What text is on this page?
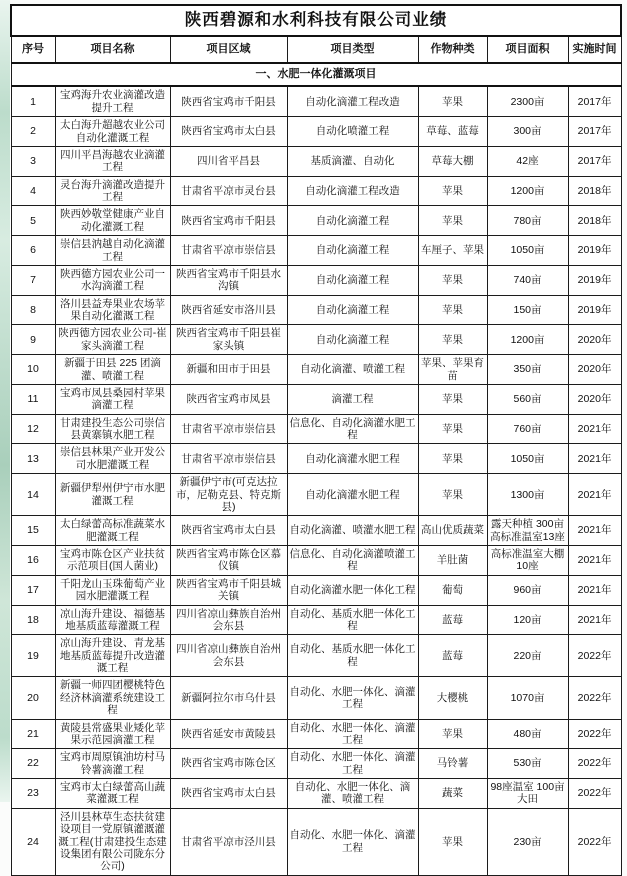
陕西碧源和水利科技有限公司业绩						
序号	项目名称	项目区域	项目类型	作物种类	项目面积	实施时间
一、水肥一体化灌溉项目						
1	宝鸡海升农业滴灌改造提升工程	陕西省宝鸡市千阳县	自动化滴灌工程改造	苹果	2300亩	2017年
2	太白海升超越农业公司自动化灌溉工程	陕西省宝鸡市太白县	自动化喷灌工程	草莓、蓝莓	300亩	2017年
3	四川平昌海越农业滴灌工程	四川省平昌县	基质滴灌、自动化	草莓大棚	42座	2017年
4	灵台海升滴灌改造提升工程	甘肃省平凉市灵台县	自动化滴灌工程改造	苹果	1200亩	2018年
5	陕西妙敬堂健康产业自动化灌溉工程	陕西省宝鸡市千阳县	自动化滴灌工程	苹果	780亩	2018年
6	崇信县汭越自动化滴灌工程	甘肃省平凉市崇信县	自动化滴灌工程	车厘子、苹果	1050亩	2019年
7	陕西德方园农业公司一水沟滴灌工程	陕西省宝鸡市千阳县水沟镇	自动化滴灌工程	苹果	740亩	2019年
8	洛川县益寿果业农场苹果自动化灌溉工程	陕西省延安市洛川县	自动化滴灌工程	苹果	150亩	2019年
9	陕西德方园农业公司-崔家头滴灌工程	陕西省宝鸡市千阳县崔家头镇	自动化滴灌工程	苹果	1200亩	2020年
10	新疆于田县 225 团滴灌、喷灌工程	新疆和田市于田县	自动化滴灌、喷灌工程	苹果、苹果育苗	350亩	2020年
11	宝鸡市凤县桑园村苹果滴灌工程	陕西省宝鸡市凤县	滴灌工程	苹果	560亩	2020年
12	甘肃建投生态公司崇信县黄寨镇水肥工程	甘肃省平凉市崇信县	信息化、自动化滴灌水肥工程	苹果	760亩	2021年
13	崇信县林果产业开发公司水肥灌溉工程	甘肃省平凉市崇信县	自动化滴灌水肥工程	苹果	1050亩	2021年
14	新疆伊犁州伊宁市水肥灌溉工程	新疆伊宁市(可克达拉市，尼勒克县、特克斯县)	自动化滴灌水肥工程	苹果	1300亩	2021年
15	太白绿蕾高标准蔬菜水肥灌溉工程	陕西省宝鸡市太白县	自动化滴灌、喷灌水肥工程	高山优质蔬菜	露天种植 300亩 高标准温室13座	2021年
16	宝鸡市陈仓区产业扶贫示范项目(国人菌业)	陕西省宝鸡市陈仓区慕仪镇	信息化、自动化滴灌喷灌工程	羊肚菌	高标准温室大棚10座	2021年
17	千阳龙山玉珠葡萄产业园水肥灌溉工程	陕西省宝鸡市千阳县城关镇	自动化滴灌水肥一体化工程	葡萄	960亩	2021年
18	凉山海升建设、福德基地基质蓝莓灌溉工程	四川省凉山彝族自治州会东县	自动化、基质水肥一体化工程	蓝莓	120亩	2021年
19	凉山海升建设、青龙基地基质蓝莓提升改造灌溉工程	四川省凉山彝族自治州会东县	自动化、基质水肥一体化工程	蓝莓	220亩	2022年
20	新疆一师四团樱桃特色经济林滴灌系统建设工程	新疆阿拉尔市乌什县	自动化、水肥一体化、滴灌工程	大樱桃	1070亩	2022年
21	黄陵县常盛果业矮化苹果示范园滴灌工程	陕西省延安市黄陵县	自动化、水肥一体化、滴灌工程	苹果	480亩	2022年
22	宝鸡市周原镇油坊村马铃薯滴灌工程	陕西省宝鸡市陈仓区	自动化、水肥一体化、滴灌工程	马铃薯	530亩	2022年
23	宝鸡市太白绿蕾高山蔬菜灌溉工程	陕西省宝鸡市太白县	自动化、水肥一体化、滴灌、喷灌工程	蔬菜	98座温室 100亩大田	2022年
24	泾川县林草生态扶贫建设项目一党原镇灌溉灌溉工程(甘肃建投生态建设集团有限公司陇东分公司)	甘肃省平凉市泾川县	自动化、水肥一体化、滴灌工程	苹果	230亩	2022年
